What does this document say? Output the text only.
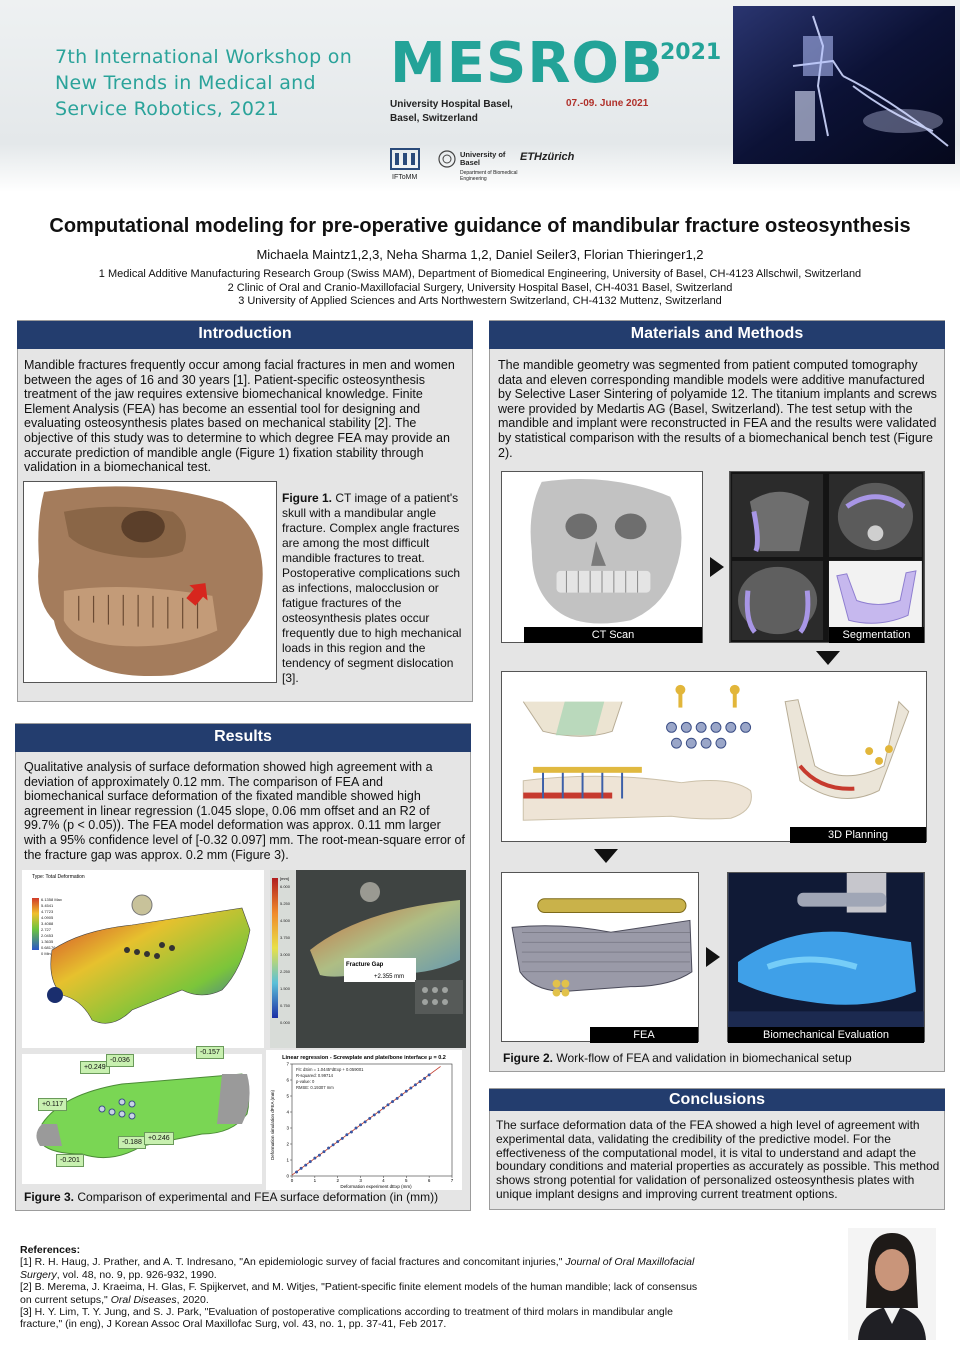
7th International Workshop on
New Trends in Medical and
Service Robotics, 2021
MESROB
2021
University Hospital Basel,
Basel, Switzerland
07.-09. June 2021
IFToMM
University of Basel
Department of Biomedical Engineering
ETHzürich
Computational modeling for pre-operative guidance of mandibular fracture osteosynthesis
Michaela Maintz1,2,3, Neha Sharma 1,2, Daniel Seiler3, Florian Thieringer1,2
1 Medical Additive Manufacturing Research Group (Swiss MAM), Department of Biomedical Engineering, University of Basel, CH-4123 Allschwil, Switzerland
2 Clinic of Oral and Cranio-Maxillofacial Surgery, University Hospital Basel, CH-4031 Basel, Switzerland
3 University of Applied Sciences and Arts Northwestern Switzerland, CH-4132 Muttenz, Switzerland
Introduction
Mandible fractures frequently occur among facial fractures in men and women between the ages of 16 and 30 years [1]. Patient-specific osteosynthesis treatment of the jaw requires extensive biomechanical knowledge. Finite Element Analysis (FEA) has become an essential tool for designing and evaluating osteosynthesis plates based on mechanical stability [2]. The objective of this study was to determine to which degree FEA may provide an accurate prediction of mandible angle (Figure 1) fixation stability through validation in a biomechanical test.
Figure 1. CT image of a patient's skull with a mandibular angle fracture. Complex angle fractures are among the most difficult mandible fractures to treat. Postoperative complications such as infections, malocclusion or fatigue fractures of the osteosynthesis plates occur frequently due to high mechanical loads in this region and the tendency of segment dislocation [3].
Materials and Methods
The mandible geometry was segmented from patient computed tomography data and eleven corresponding mandible models were additive manufactured by Selective Laser Sintering of polyamide 12. The titanium implants and screws were provided by Medartis AG (Basel, Switzerland). The test setup with the mandible and implant were reconstructed in FEA and the results were validated by statistical comparison with the results of a biomechanical bench test (Figure 2).
CT Scan	Segmentation
3D Planning
FEA	Biomechanical Evaluation
Figure 2. Work-flow of FEA and validation in biomechanical setup
Results
Qualitative analysis of surface deformation showed high agreement with a deviation of approximately 0.12 mm. The comparison of FEA and biomechanical surface deformation of the fixated mandible showed high agreement in linear regression (1.045 slope, 0.06 mm offset and an R2 of 99.7% (p < 0.05)). The FEA model deformation was approx. 0.11 mm larger with a 95% confidence level of [-0.32 0.097] mm. The root-mean-square error of the fracture gap was approx. 0.2 mm (Figure 3).
Type: Total Deformation
6.1358 Max
5.4541
4.7723
4.0905
3.4088
2.727
2.0453
1.3635
0.68176
0 Min
[mm]
6.000
5.250
4.500
3.750
3.000
2.250
1.500
0.750
0.000
Fracture Gap
+2.355 mm
+0.249
-0.036
-0.157
+0.117
-0.188
+0.246
-0.201
Linear regression - Screwplate and plate/bone interface μ = 0.2
0	1	2	3	4	5	6	7
0
1
2
3
4
5
6
7
Fit: dSim = 1.0445*dExp + 0.059001
R-squared: 0.99714
p-value: 0
RMSE: 0.19307 mm
Deformation experiment dExp (mm)
Deformation simulation dFEA (mm)
Figure 3. Comparison of experimental and FEA surface deformation (in (mm))
Conclusions
The surface deformation data of the FEA showed a high level of agreement with experimental data, validating the credibility of the predictive model. For the effectiveness of the computational model, it is vital to understand and adapt the boundary conditions and material properties as accurately as possible. This method shows strong potential for validation of personalized osteosynthesis plates with unique implant designs and improving current treatment options.
References:
[1] R. H. Haug, J. Prather, and A. T. Indresano, "An epidemiologic survey of facial fractures and concomitant injuries," Journal of Oral Maxillofacial Surgery, vol. 48, no. 9, pp. 926-932, 1990.
[2] B. Merema, J. Kraeima, H. Glas, F. Spijkervet, and M. Witjes, "Patient-specific finite element models of the human mandible; lack of consensus on current setups," Oral Diseases, 2020.
[3] H. Y. Lim, T. Y. Jung, and S. J. Park, "Evaluation of postoperative complications according to treatment of third molars in mandibular angle fracture," (in eng), J Korean Assoc Oral Maxillofac Surg, vol. 43, no. 1, pp. 37-41, Feb 2017.
